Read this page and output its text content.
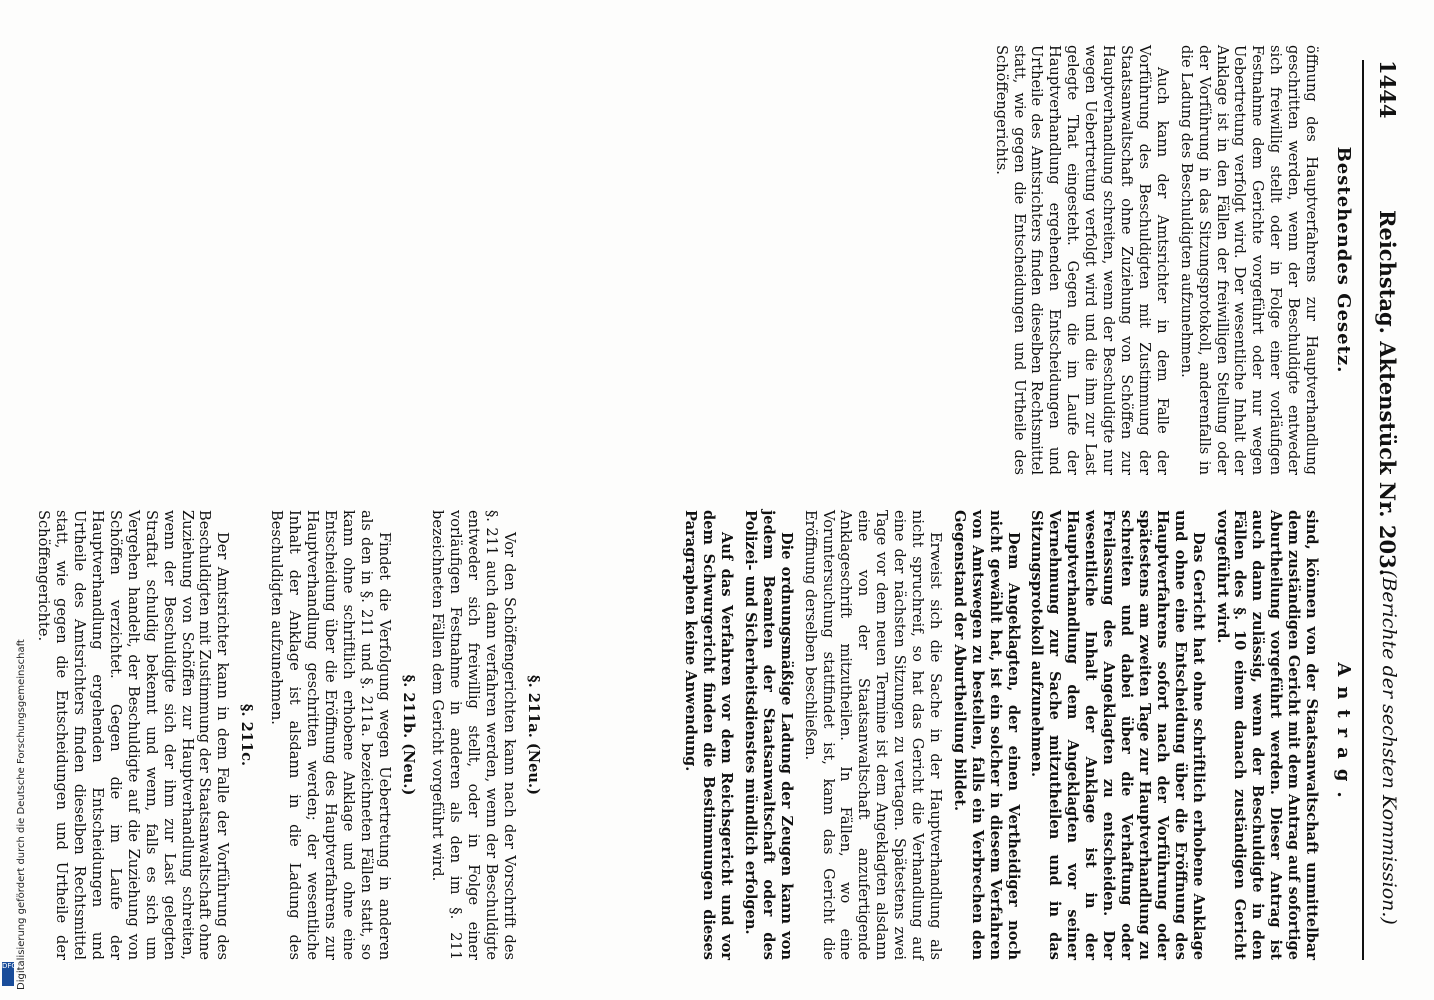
1444
Reichstag. Aktenstück Nr. 203.
(Berichte der sechsten Kommission.)
Bestehendes Gesetz.

öffnung des Hauptverfahrens zur Hauptverhandlung geschritten werden, wenn der Beschuldigte entweder sich freiwillig stellt oder in Folge einer vorläufigen Festnahme dem Gerichte vorgeführt oder nur wegen Uebertretung verfolgt wird. Der wesentliche Inhalt der Anklage ist in den Fällen der freiwilligen Stellung oder der Vorführung in das Sitzungsprotokoll, anderenfalls in die Ladung des Beschuldigten aufzunehmen.

Auch kann der Amtsrichter in dem Falle der Vorführung des Beschuldigten mit Zustimmung der Staatsanwaltschaft ohne Zuziehung von Schöffen zur Hauptverhandlung schreiten, wenn der Beschuldigte nur wegen Uebertretung verfolgt wird und die ihm zur Last gelegte That eingesteht. Gegen die im Laufe der Hauptverhandlung ergehenden Entscheidungen und Urtheile des Amtsrichters finden dieselben Rechtsmittel statt, wie gegen die Entscheidungen und Urtheile des Schöffengerichts.

Antrag.

sind, können von der Staatsanwaltschaft unmittelbar dem zuständigen Gericht mit dem Antrag auf sofortige Aburtheilung vorgeführt werden. Dieser Antrag ist auch dann zulässig, wenn der Beschuldigte in den Fällen des §. 10 einem danach zuständigen Gericht vorgeführt wird.

Das Gericht hat ohne schriftlich erhobene Anklage und ohne eine Entscheidung über die Eröffnung des Hauptverfahrens sofort nach der Vorführung oder spätestens am zweiten Tage zur Hauptverhandlung zu schreiten und dabei über die Verhaftung oder Freilassung des Angeklagten zu entscheiden. Der wesentliche Inhalt der Anklage ist in der Hauptverhandlung dem Angeklagten vor seiner Vernehmung zur Sache mitzutheilen und in das Sitzungsprotokoll aufzunehmen.

Dem Angeklagten, der einen Vertheidiger noch nicht gewählt hat, ist ein solcher in diesem Verfahren von Amtswegen zu bestellen, falls ein Verbrechen den Gegenstand der Aburtheilung bildet.

Erweist sich die Sache in der Hauptverhandlung als nicht spruchreif, so hat das Gericht die Verhandlung auf eine der nächsten Sitzungen zu vertagen. Spätestens zwei Tage vor dem neuen Termine ist dem Angeklagten alsdann eine von der Staatsanwaltschaft anzufertigende Anklageschrift mitzutheilen. In Fällen, wo eine Voruntersuchung stattfindet ist, kann das Gericht die Eröffnung derselben beschließen.

Die ordnungsmäßige Ladung der Zeugen kann von jedem Beamten der Staatsanwaltschaft oder des Polizei- und Sicherheitsdienstes mündlich erfolgen.

Auf das Verfahren vor dem Reichsgericht und vor dem Schwurgericht finden die Bestimmungen dieses Paragraphen keine Anwendung.

§. 211a. (Neu.)

Vor den Schöffengerichten kann nach der Vorschrift des §. 211 auch dann verfahren werden, wenn der Beschuldigte entweder sich freiwillig stellt, oder in Folge einer vorläufigen Festnahme in anderen als den im §. 211 bezeichneten Fällen dem Gericht vorgeführt wird.

§. 211b. (Neu.)

Findet die Verfolgung wegen Uebertretung in anderen als den in §. 211 und §. 211a. bezeichneten Fällen statt, so kann ohne schriftlich erhobene Anklage und ohne eine Entscheidung über die Eröffnung des Hauptverfahrens zur Hauptverhandlung geschritten werden; der wesentliche Inhalt der Anklage ist alsdann in die Ladung des Beschuldigten aufzunehmen.

§. 211c.

Der Amtsrichter kann in dem Falle der Vorführung des Beschuldigten mit Zustimmung der Staatsanwaltschaft ohne Zuziehung von Schöffen zur Hauptverhandlung schreiten, wenn der Beschuldigte sich der ihm zur Last gelegten Straftat schuldig bekennt und wenn, falls es sich um Vergehen handelt, der Beschuldigte auf die Zuziehung von Schöffen verzichtet. Gegen die im Laufe der Hauptverhandlung ergehenden Entscheidungen und Urtheile des Amtsrichters finden dieselben Rechtsmittel statt, wie gegen die Entscheidungen und Urtheile der Schöffengerichte.

DFG Digitalisierung gefördert durch die Deutsche Forschungsgemeinschaft
